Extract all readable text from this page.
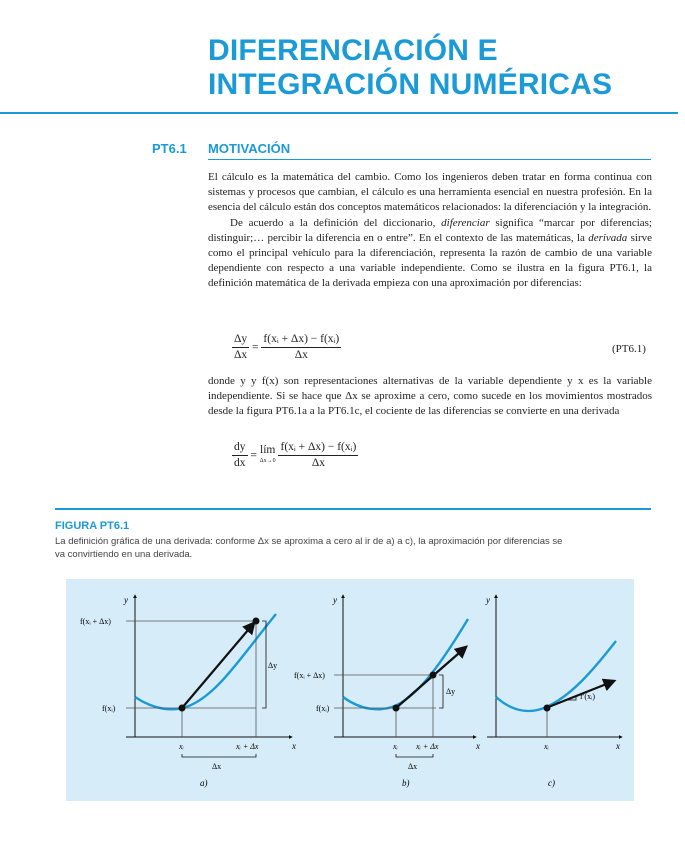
DIFERENCIACIÓN E
INTEGRACIÓN NUMÉRICAS
PT6.1 MOTIVACIÓN

El cálculo es la matemática del cambio. Como los ingenieros deben tratar en forma continua con sistemas y procesos que cambian, el cálculo es una herramienta esencial en nuestra profesión. En la esencia del cálculo están dos conceptos matemáticos relacionados: la diferenciación y la integración.

De acuerdo a la definición del diccionario, diferenciar significa “marcar por diferencias; distinguir;… percibir la diferencia en o entre”. En el contexto de las matemáticas, la derivada sirve como el principal vehículo para la diferenciación, representa la razón de cambio de una variable dependiente con respecto a una variable independiente. Como se ilustra en la figura PT6.1, la definición matemática de la derivada empieza con una aproximación por diferencias:

$\frac{\Delta y}{\Delta x} = \frac{\text{f(xᵢ + Δx) − f(xᵢ)}}{\Delta x}$	(PT6.1)
donde y y f(x) son representaciones alternativas de la variable dependiente y x es la variable independiente. Si se hace que Δx se aproxime a cero, como sucede en los movimientos mostrados desde la figura PT6.1a a la PT6.1c, el cociente de las diferencias se convierte en una derivada
$\frac{dy}{dx}$ = lím
Δx→0
$\frac{\text{f(xᵢ + Δx) − f(xᵢ)}}{\Delta x}$
FIGURA PT6.1
La definición gráfica de una derivada: conforme Δx se aproxima a cero al ir de a) a c), la aproximación por diferencias se va convirtiendo en una derivada.
y
x
f(xᵢ + Δx)
f(xᵢ)
xᵢ	xᵢ + Δx
Δy
Δx
a)
y
x
f(xᵢ + Δx)
f(xᵢ)
xᵢ xᵢ + Δx
Δy
Δx
b)
y
x
f′(xᵢ)
xᵢ
c)
